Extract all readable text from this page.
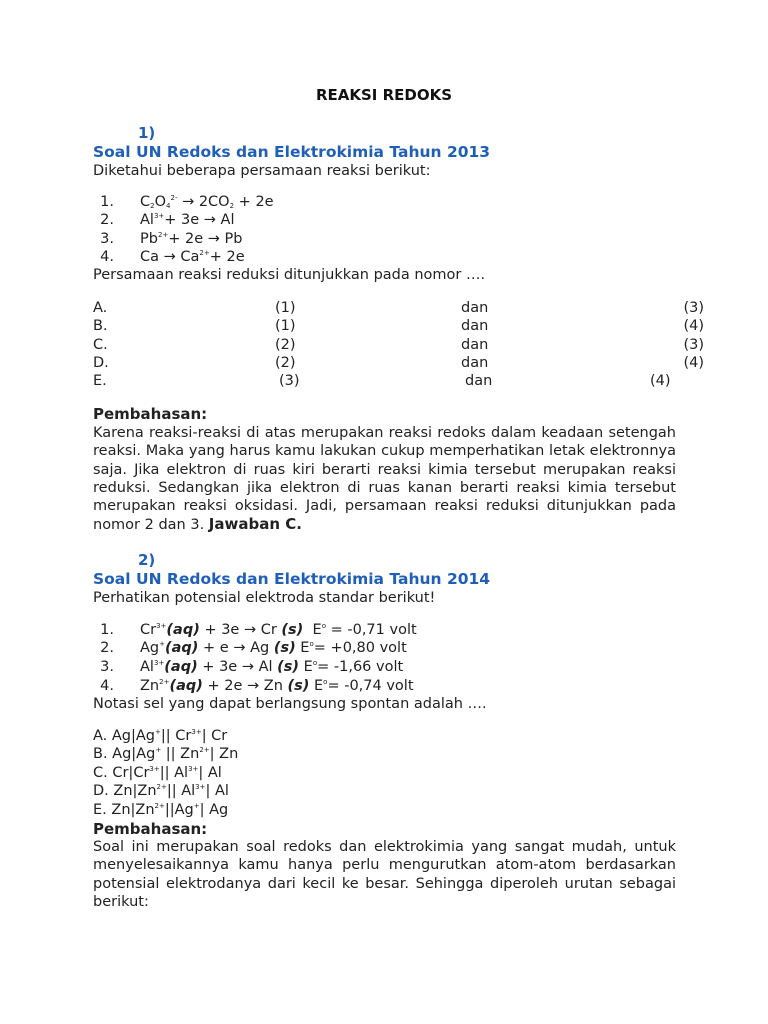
REAKSI REDOKS
1)
Soal UN Redoks dan Elektrokimia Tahun 2013
Diketahui beberapa persamaan reaksi berikut:
1. $C_2O_4^{2-} \to 2CO_2 + 2e$
2. $Al^{3+}+ 3e \to Al$
3. $Pb^{2+}+ 2e \to Pb$
4. $Ca \to Ca^{2+}+ 2e$
Persamaan reaksi reduksi ditunjukkan pada nomor ….
A.	(1)	dan	(3)
B.	(1)	dan	(4)
C.	(2)	dan	(3)
D.	(2)	dan	(4)
E.	(3)	dan	(4)
Pembahasan:
Karena reaksi-reaksi di atas merupakan reaksi redoks dalam keadaan setengah reaksi. Maka yang harus kamu lakukan cukup memperhatikan letak elektronnya saja. Jika elektron di ruas kiri berarti reaksi kimia tersebut merupakan reaksi reduksi. Sedangkan jika elektron di ruas kanan berarti reaksi kimia tersebut merupakan reaksi oksidasi. Jadi, persamaan reaksi reduksi ditunjukkan pada nomor 2 dan 3. Jawaban C.
2)
Soal UN Redoks dan Elektrokimia Tahun 2014
Perhatikan potensial elektroda standar berikut!
1. $Cr^{3+}(aq) + 3e \to Cr$ (s)  $E^o = -0,71$ volt
2. Ag+(aq) + e → Ag (s) $E^o= +0,80$ volt
3. $Al^{3+}(aq) + 3e \to Al$ (s) $E^o= -1,66$ volt
4. $Zn^{2+}(aq) + 2e \to Zn$ (s) $E^o= -0,74$ volt
Notasi sel yang dapat berlangsung spontan adalah ….
A. Ag|Ag+|| $Cr^{3+}|$ Cr
B. Ag|Ag+ || $Zn^{2+}|$ Zn
C. $Cr|Cr^{3+}||$ $Al^{3+}|$ Al
D. $Zn|Zn^{2+}||$ $Al^{3+}|$ Al
E. $Zn|Zn^{2+}||Ag^+|$ Ag
Pembahasan:
Soal ini merupakan soal redoks dan elektrokimia yang sangat mudah, untuk menyelesaikannya kamu hanya perlu mengurutkan atom-atom berdasarkan potensial elektrodanya dari kecil ke besar. Sehingga diperoleh urutan sebagai berikut:
